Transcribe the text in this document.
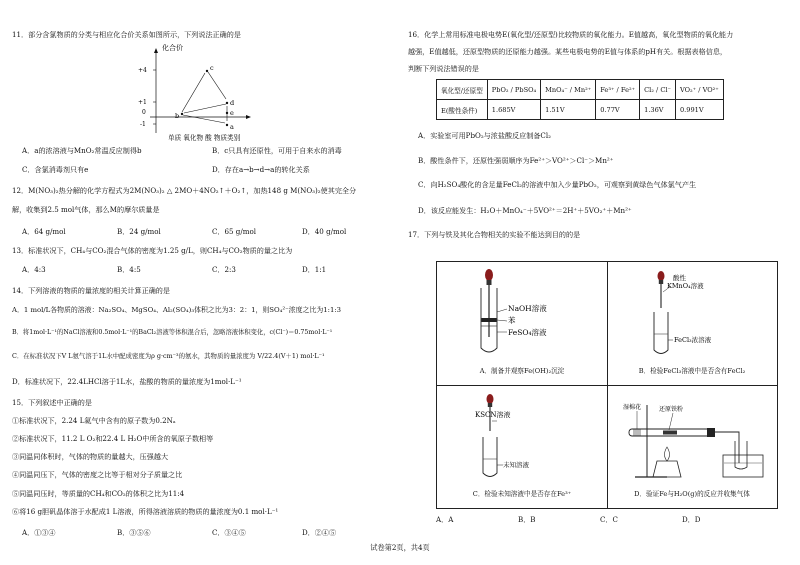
11．部分含氯物质的分类与相应化合价关系如图所示，下列说法正确的是
化合价
+4
+1
0
-1
c
b
d
e
a
单质 氧化物 酸 物质类别
A．a的浓溶液与MnO₂常温反应制得b	B．c只具有还原性，可用于自来水的消毒
C．含氯消毒剂只有e	D．存在a→b→d→a的转化关系
12．M(NO₃)₂热分解的化学方程式为2M(NO₃)₂ △ 2MO＋4NO₂↑＋O₂↑，加热148 g M(NO₃)₂使其完全分
解，收集到2.5 mol气体，那么M的摩尔质量是
A．64 g/mol	B．24 g/mol	C．65 g/mol	D．40 g/mol
13．标准状况下，CH₄与CO₂混合气体的密度为1.25 g/L，则CH₄与CO₂物质的量之比为
A．4:3	B．4:5	C．2:3	D．1:1
14．下列溶液的物质的量浓度的相关计算正确的是
A．1 mol/L各物质的溶液：Na₂SO₄、MgSO₄、Al₂(SO₄)₃体积之比为3：2：1，则SO₄²⁻浓度之比为1:1:3
B．将1mol·L⁻¹的NaCl溶液和0.5mol·L⁻¹的BaCl₂溶液等体积混合后，忽略溶液体积变化，c(Cl⁻)＝0.75mol·L⁻¹
C．在标准状况下V L氨气溶于1L水中配成密度为ρ g·cm⁻³的氨水，其物质的量浓度为 V/22.4(V＋1) mol·L⁻¹
D．标准状况下，22.4LHCl溶于1L水，盐酸的物质的量浓度为1mol·L⁻¹
15．下列叙述中正确的是
①标准状况下，2.24 L氦气中含有的原子数为0.2Nₐ
②标准状况下，11.2 L O₂和22.4 L H₂O中所含的氧原子数相等
③同温同体积时，气体的物质的量越大，压强越大
④同温同压下，气体的密度之比等于相对分子质量之比
⑤同温同压时，等质量的CH₄和CO₂的体积之比为11:4
⑥将16 g胆矾晶体溶于水配成1 L溶液，所得溶液溶质的物质的量浓度为0.1 mol·L⁻¹
A．①③④	B．③⑤⑥	C．③④⑤	D．②④⑤
16．化学上常用标准电极电势E(氧化型/还原型)比较物质的氧化能力。E值越高，氧化型物质的氧化能力
越强，E值越低，还原型物质的还原能力越强。某些电极电势的E值与体系的pH有关。根据表格信息，
判断下列说法错误的是
氧化型/还原型	PbO₂ / PbSO₄	MnO₄⁻ / Mn²⁺	Fe³⁺ / Fe²⁺	Cl₂ / Cl⁻	VO₂⁺ / VO²⁺
E(酸性条件)	1.685V	1.51V	0.77V	1.36V	0.991V
A．实验室可用PbO₂与浓盐酸反应制备Cl₂
B．酸性条件下，还原性强弱顺序为Fe²⁺＞VO²⁺＞Cl⁻＞Mn²⁺
C．向H₂SO₄酸化的含足量FeCl₂的溶液中加入少量PbO₂，可观察到黄绿色气体氯气产生
D．该反应能发生：H₂O＋MnO₄⁻＋5VO²⁺＝2H⁺＋5VO₂⁺＋Mn²⁺
17．下列与铁及其化合物相关的实验不能达到目的的是
NaOH溶液
苯
FeSO₄溶液
A．制备并观察Fe(OH)₂沉淀
酸性
KMnO₄溶液
FeCl₃浓溶液
B．检验FeCl₃溶液中是否含有FeCl₂
KSCN溶液
未知溶液
C．检验未知溶液中是否存在Fe³⁺
湿棉花	还原铁粉
D．验证Fe与H₂O(g)的反应并收集气体
A．A	B．B	C．C	D．D
试卷第2页，共4页
